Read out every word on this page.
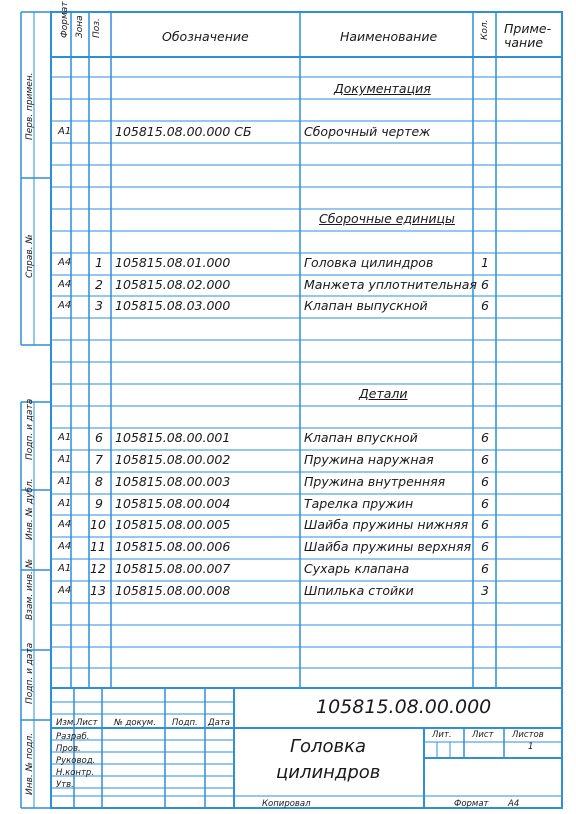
Формат Зона Поз.	Обозначение	Наименование	Кол. Приме-
чание
Документация
Сборочные единицы
Детали
А1	105815.08.00.000 СБ	Сборочный чертеж
А4 1 105815.08.01.000	Головка цилиндров	1
А4 2 105815.08.02.000	Манжета уплотнительная 6
А4 3 105815.08.03.000	Клапан выпускной	6
А1 6 105815.08.00.001	Клапан впускной	6
А1 7 105815.08.00.002	Пружина наружная	6
А1 8 105815.08.00.003	Пружина внутренняя	6
А1 9 105815.08.00.004	Тарелка пружин	6
А4 10 105815.08.00.005	Шайба пружины нижняя 6
А4 11 105815.08.00.006	Шайба пружины верхняя 6
А1 12 105815.08.00.007	Сухарь клапана	6
А4 13 105815.08.00.008	Шпилька стойки	3
Перв. примен.
Справ. №
Подп. и дата
Инв. № дубл.
Взам. инв. №
Подп. и дата
Инв. № подл.
105815.08.00.000
Головка
цилиндров
Изм. Лист № докум. Подп. Дата
Разраб.
Пров.
Руковод.
Н.контр.
Утв.
Лит. Лист Листов
1
Копировал	Формат А4
